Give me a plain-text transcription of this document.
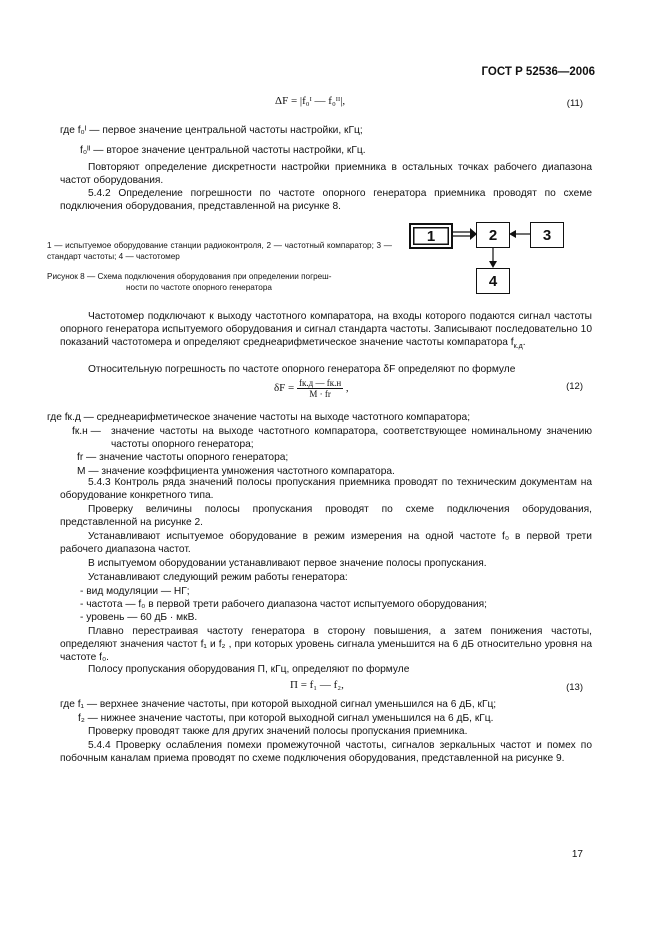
ГОСТ Р 52536—2006
ΔF = |f₀ᴵ — f₀ᴵᴵ|,	(11)
где f₀ᴵ — первое значение центральной частоты настройки, кГц;
f₀ᴵᴵ — второе значение центральной частоты настройки, кГц.
Повторяют определение дискретности настройки приемника в остальных точках рабочего диапазона частот оборудования.
5.4.2 Определение погрешности по частоте опорного генератора приемника проводят по схеме подключения оборудования, представленной на рисунке 8.
1 — испытуемое оборудование станции радиоконтроля, 2 — частотный компаратор; 3 — стандарт частоты; 4 — частотомер
Рисунок 8 — Схема подключения оборудования при определении погреш-
ности по частоте опорного генератора
1	2	3
4
Частотомер подключают к выходу частотного компаратора, на входы которого подаются сигнал частоты опорного генератора испытуемого оборудования и сигнал стандарта частоты. Записывают последовательно 10 показаний частотомера и определяют среднеарифметическое значение частоты компаратора $f_{к.д}$.
Относительную погрешность по частоте опорного генератора δF определяют по формуле
$\delta F = \frac{fк.д — fк.н}{M \cdot fr}$ ,	(12)
где fк.д — среднеарифметическое значение частоты на выходе частотного компаратора;
fк.н —	значение частоты на выходе частотного компаратора, соответствующее номинальному значению частоты опорного генератора;
fr — значение частоты опорного генератора;
M — значение коэффициента умножения частотного компаратора.
5.4.3 Контроль ряда значений полосы пропускания приемника проводят по техническим документам на оборудование конкретного типа.
Проверку величины полосы пропускания проводят по схеме подключения оборудования, представленной на рисунке 2.
Устанавливают испытуемое оборудование в режим измерения на одной частоте f₀ в первой трети рабочего диапазона частот.
В испытуемом оборудовании устанавливают первое значение полосы пропускания.
Устанавливают следующий режим работы генератора:
- вид модуляции — НГ;
- частота — f₀ в первой трети рабочего диапазона частот испытуемого оборудования;
- уровень — 60 дБ · мкВ.
Плавно перестраивая частоту генератора в сторону повышения, а затем понижения частоты, определяют значения частот f₁ и f₂ , при которых уровень сигнала уменьшится на 6 дБ относительно уровня на частоте f₀.
Полосу пропускания оборудования П, кГц, определяют по формуле
П = f₁ — f₂,	(13)
где f₁ — верхнее значение частоты, при которой выходной сигнал уменьшился на 6 дБ, кГц;
f₂ — нижнее значение частоты, при которой выходной сигнал уменьшился на 6 дБ, кГц.
Проверку проводят также для других значений полосы пропускания приемника.
5.4.4 Проверку ослабления помехи промежуточной частоты, сигналов зеркальных частот и помех по побочным каналам приема проводят по схеме подключения оборудования, представленной на рисунке 9.
17
